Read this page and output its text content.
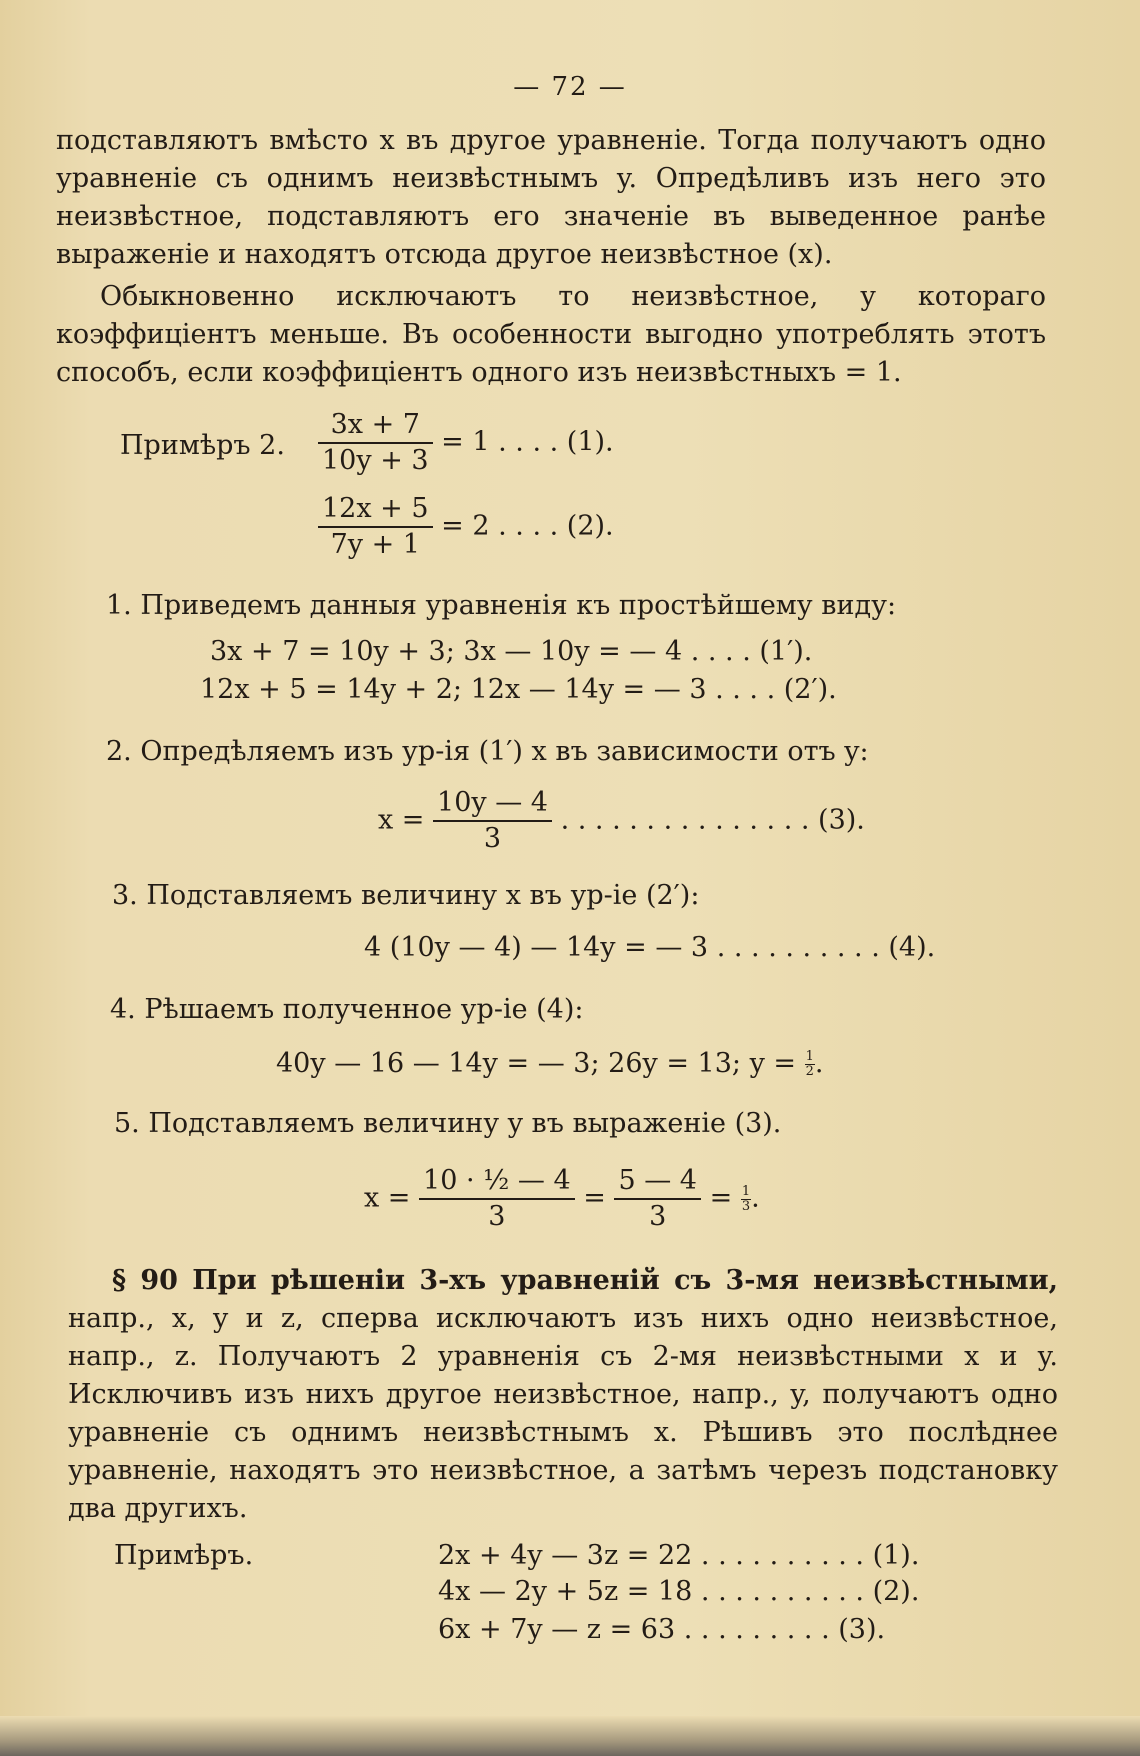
— 72 —
подставляютъ вмѣсто x въ другое уравненіе. Тогда получаютъ одно уравненіе съ однимъ неизвѣстнымъ y. Опредѣливъ изъ него это неизвѣстное, подставляютъ его значеніе въ выведенное ранѣе выраженіе и находятъ отсюда другое неизвѣстное (x).
Обыкновенно исключаютъ то неизвѣстное, у котораго коэффиціентъ меньше. Въ особенности выгодно употреблять этотъ способъ, если коэффиціентъ одного изъ неизвѣстныхъ = 1.
Примѣръ 2. $\frac{3x + 7}{10y + 3} = 1$ . . . . (1).
$\frac{12x + 5}{7y + 1} = 2$ . . . . (2).
1. Приведемъ данныя уравненія къ простѣйшему виду:
3x + 7 = 10y + 3; 3x — 10y = — 4 . . . . (1′).
12x + 5 = 14y + 2; 12x — 14y = — 3 . . . . (2′).
2. Опредѣляемъ изъ ур-ія (1′) x въ зависимости отъ y:
$x = \frac{10y — 4}{3}$ . . . . . . . . . . . . . . . (3).
3. Подставляемъ величину x въ ур-іе (2′):
4 (10y — 4) — 14y = — 3 . . . . . . . . . . (4).
4. Рѣшаемъ полученное ур-іе (4):
40y — 16 — 14y = — 3; 26y = 13; $y = \frac{1}{2}$ .
5. Подставляемъ величину y въ выраженіе (3).
$x = \frac{\text{10 · ½ — 4}}{3} = \frac{5 — 4}{3} = \frac{1}{3}$ .
§ 90 При рѣшеніи 3-хъ уравненій съ 3-мя неизвѣстными, напр., x, y и z, сперва исключаютъ изъ нихъ одно неизвѣстное, напр., z. Получаютъ 2 уравненія съ 2-мя неизвѣстными x и y. Исключивъ изъ нихъ другое неизвѣстное, напр., y, получаютъ одно уравненіе съ однимъ неизвѣстнымъ x. Рѣшивъ это послѣднее уравненіе, находятъ это неизвѣстное, а затѣмъ черезъ подстановку два другихъ.
Примѣръ.	2x + 4y — 3z = 22 . . . . . . . . . . (1).
4x — 2y + 5z = 18 . . . . . . . . . . (2).
6x + 7y — z = 63 . . . . . . . . . (3).
